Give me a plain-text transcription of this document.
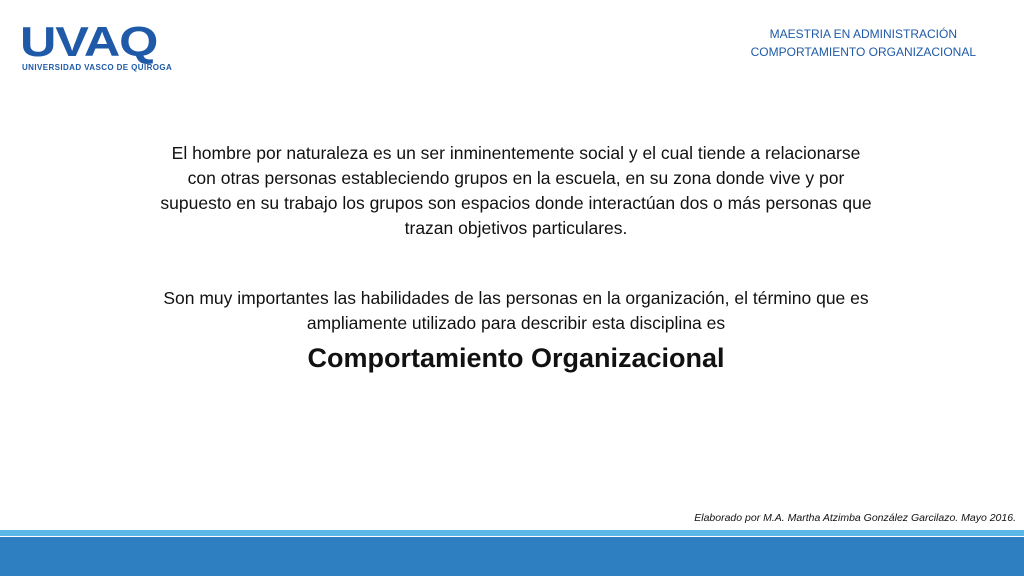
UVAQ
UNIVERSIDAD VASCO DE QUIROGA
MAESTRIA EN ADMINISTRACIÓN
COMPORTAMIENTO ORGANIZACIONAL
El hombre por naturaleza es un ser inminentemente social y el cual tiende a relacionarse con otras personas estableciendo grupos en la escuela, en su zona donde vive y por supuesto en su trabajo los grupos son espacios donde interactúan dos o más personas que trazan objetivos particulares.
Son muy importantes las habilidades de las personas en la organización, el término que es ampliamente utilizado para describir esta disciplina es
Comportamiento Organizacional
Elaborado por M.A. Martha Atzimba González Garcilazo. Mayo 2016.
